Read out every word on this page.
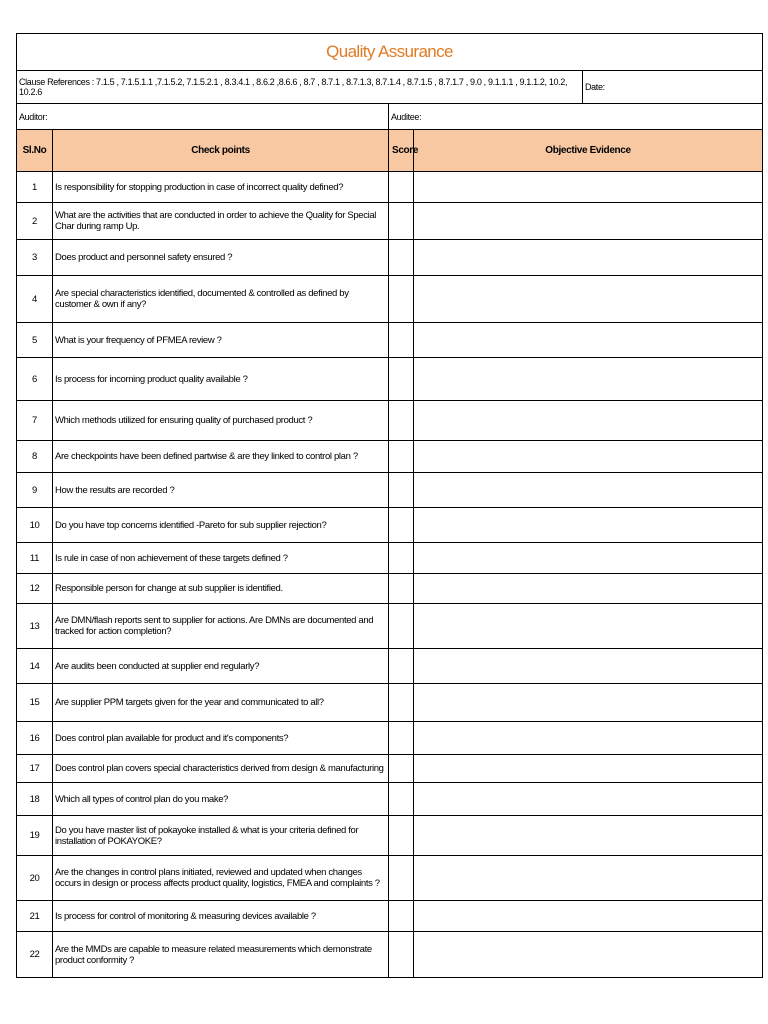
Quality Assurance				
Clause References : 7.1.5 , 7.1.5.1.1 ,7.1.5.2, 7.1.5.2.1 , 8.3.4.1 , 8.6.2 ,8.6.6 , 8.7 , 8.7.1 , 8.7.1.3, 8.7.1.4 , 8.7.1.5 , 8.7.1.7 , 9.0 , 9.1.1.1 , 9.1.1.2, 10.2, 10.2.6				Date:
Auditor:		Auditee:		
Sl.No	Check points	Score	Objective Evidence	
1	Is responsibility for stopping production in case of incorrect quality defined?			
2	What are the activities that are conducted in order to achieve the Quality for Special Char during ramp Up.			
3	Does product and personnel safety ensured ?			
4	Are special characteristics identified, documented & controlled as defined by customer & own if any?			
5	What is your frequency of PFMEA review ?			
6	Is process for incorning product quality available ?			
7	Which methods utilized for ensuring quality of purchased product ?			
8	Are checkpoints have been defined partwise & are they linked to control plan ?			
9	How the results are recorded ?			
10	Do you have top concerns identified -Pareto for sub supplier rejection?			
11	Is rule in case of non achievement of these targets defined ?			
12	Responsible person for change at sub supplier is identified.			
13	Are DMN/flash reports sent to supplier for actions. Are DMNs are documented and tracked for action completion?			
14	Are audits been conducted at supplier end regularly?			
15	Are supplier PPM targets given for the year and communicated to all?			
16	Does control plan available for product and it's components?			
17	Does control plan covers special characteristics derived from design & manufacturing			
18	Which all types of control plan do you make?			
19	Do you have master list of pokayoke installed & what is your criteria defined for installation of POKAYOKE?			
20	Are the changes in control plans initiated, reviewed and updated when changes occurs in design or process affects product quality, logistics, FMEA and complaints ?			
21	Is process for control of monitoring & measuring devices available ?			
22	Are the MMDs are capable to measure related measurements which demonstrate product conformity ?			
